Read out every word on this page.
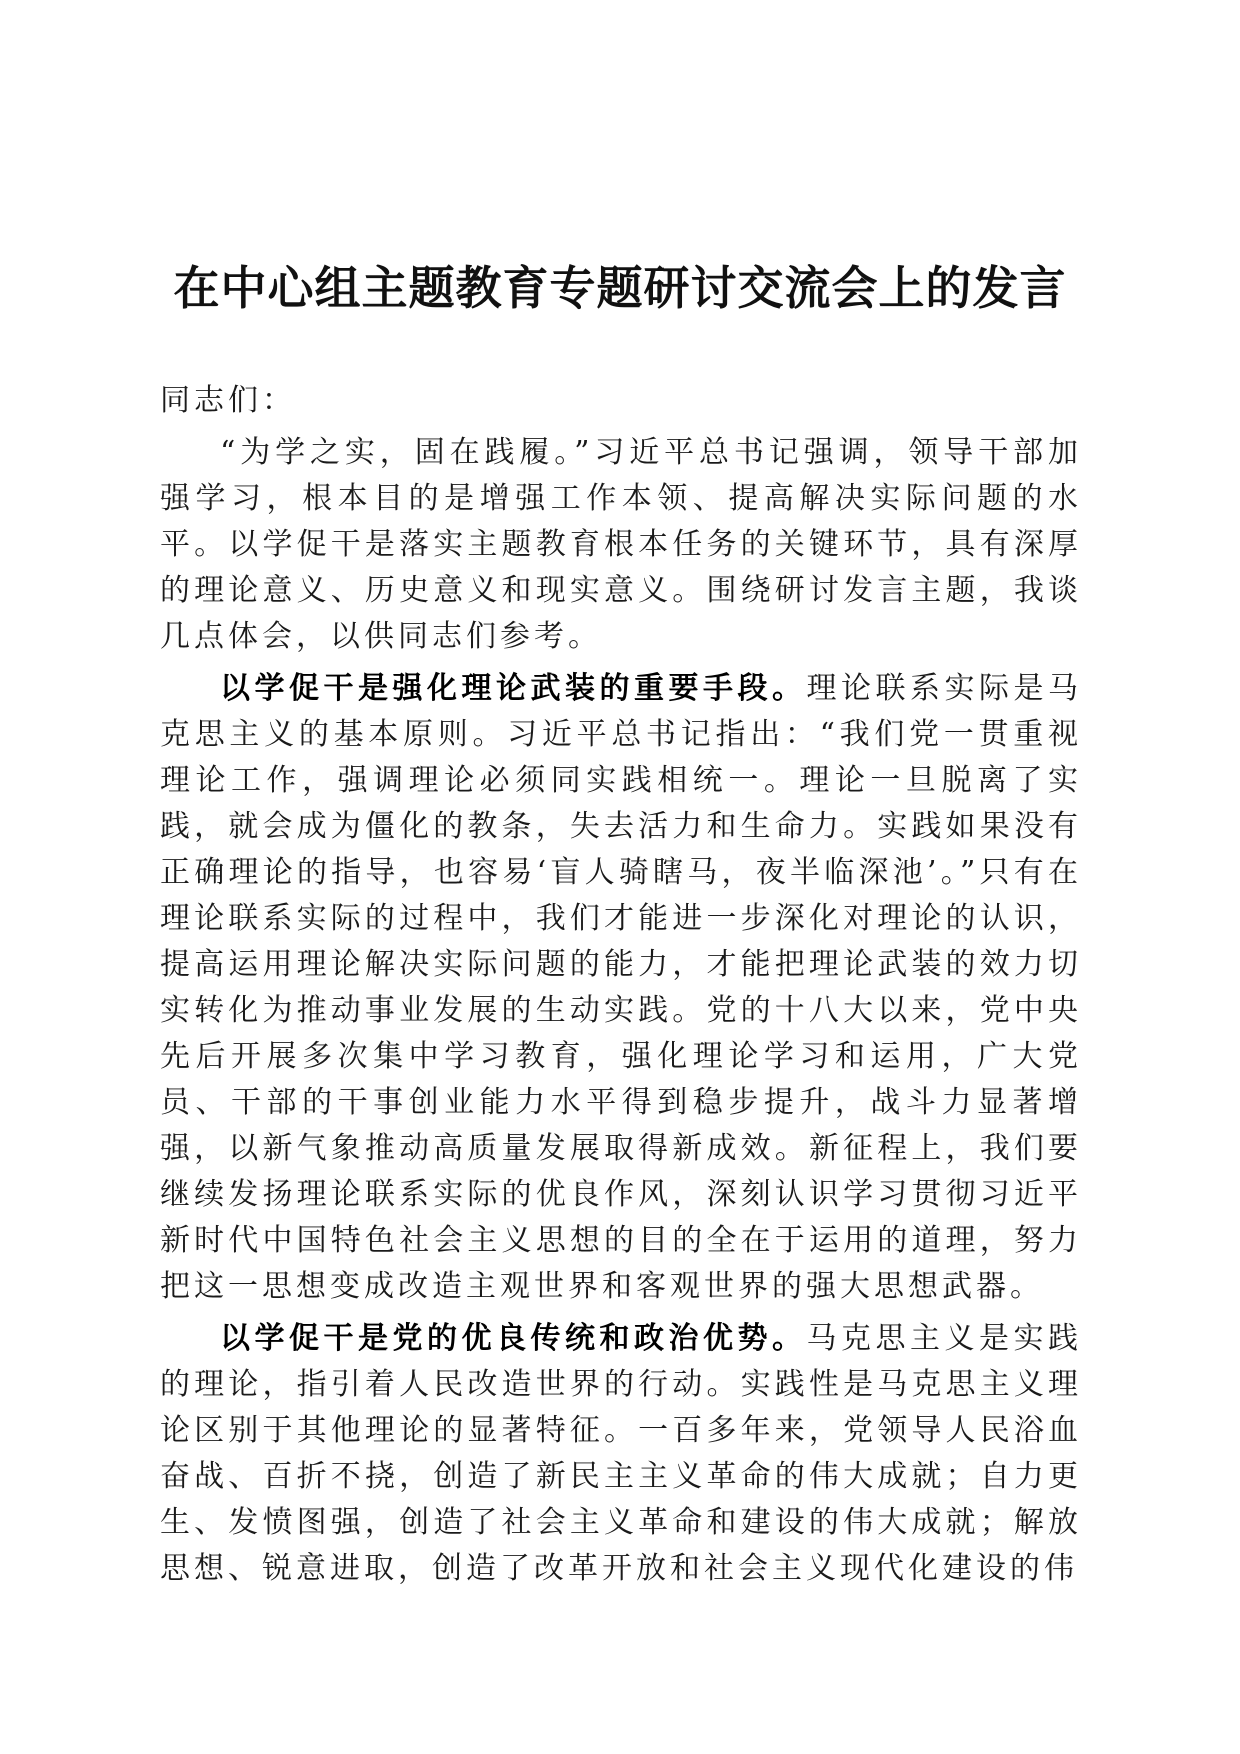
在中心组主题教育专题研讨交流会上的发言

同志们：

“为学之实，固在践履。”习近平总书记强调，领导干部加强学习，根本目的是增强工作本领、提高解决实际问题的水平。以学促干是落实主题教育根本任务的关键环节，具有深厚的理论意义、历史意义和现实意义。围绕研讨发言主题，我谈几点体会，以供同志们参考。

以学促干是强化理论武装的重要手段。理论联系实际是马克思主义的基本原则。习近平总书记指出：“我们党一贯重视理论工作，强调理论必须同实践相统一。理论一旦脱离了实践，就会成为僵化的教条，失去活力和生命力。实践如果没有正确理论的指导，也容易‘盲人骑瞎马，夜半临深池’。”只有在理论联系实际的过程中，我们才能进一步深化对理论的认识，提高运用理论解决实际问题的能力，才能把理论武装的效力切实转化为推动事业发展的生动实践。党的十八大以来，党中央先后开展多次集中学习教育，强化理论学习和运用，广大党员、干部的干事创业能力水平得到稳步提升，战斗力显著增强，以新气象推动高质量发展取得新成效。新征程上，我们要继续发扬理论联系实际的优良作风，深刻认识学习贯彻习近平新时代中国特色社会主义思想的目的全在于运用的道理，努力把这一思想变成改造主观世界和客观世界的强大思想武器。

以学促干是党的优良传统和政治优势。马克思主义是实践的理论，指引着人民改造世界的行动。实践性是马克思主义理论区别于其他理论的显著特征。一百多年来，党领导人民浴血奋战、百折不挠，创造了新民主主义革命的伟大成就；自力更生、发愤图强，创造了社会主义革命和建设的伟大成就；解放思想、锐意进取，创造了改革开放和社会主义现代化建设的伟
